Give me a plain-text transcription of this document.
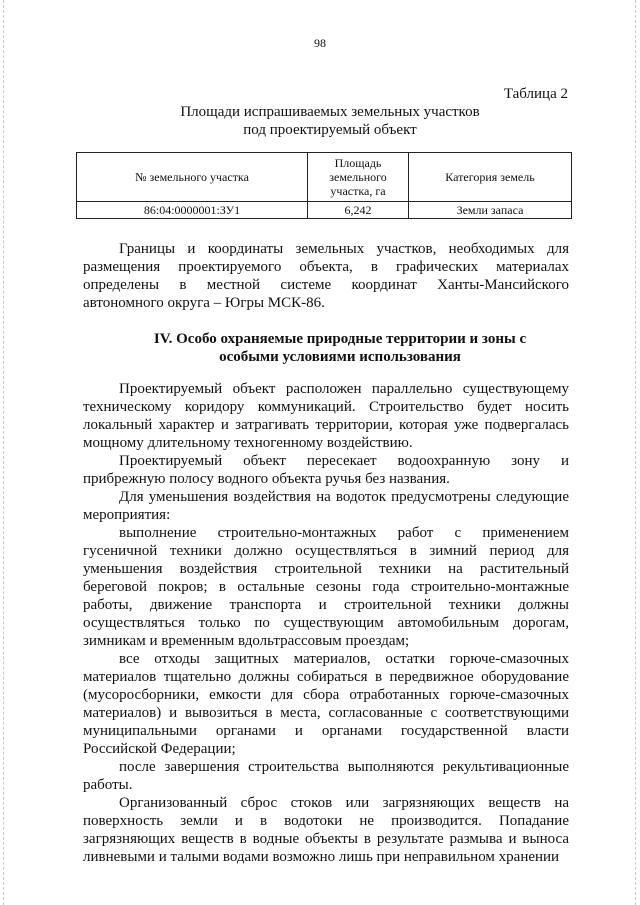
98
Таблица 2
Площади испрашиваемых земельных участков
под проектируемый объект
№ земельного участка	Площадь земельного участка, га	Категория земель
86:04:0000001:ЗУ1	6,242	Земли запаса

Границы и координаты земельных участков, необходимых для размещения проектируемого объекта, в графических материалах определены в местной системе координат Ханты-Мансийского автономного округа – Югры МСК-86.

IV. Особо охраняемые природные территории и зоны с
особыми условиями использования

Проектируемый объект расположен параллельно существующему техническому коридору коммуникаций. Строительство будет носить локальный характер и затрагивать территории, которая уже подвергалась мощному длительному техногенному воздействию.

Проектируемый объект пересекает водоохранную зону и прибрежную полосу водного объекта ручья без названия.

Для уменьшения воздействия на водоток предусмотрены следующие мероприятия:

выполнение строительно-монтажных работ с применением гусеничной техники должно осуществляться в зимний период для уменьшения воздействия строительной техники на растительный береговой покров; в остальные сезоны года строительно-монтажные работы, движение транспорта и строительной техники должны осуществляться только по существующим автомобильным дорогам, зимникам и временным вдольтрассовым проездам;

все отходы защитных материалов, остатки горюче-смазочных материалов тщательно должны собираться в передвижное оборудование (мусоросборники, емкости для сбора отработанных горюче-смазочных материалов) и вывозиться в места, согласованные с соответствующими муниципальными органами и органами государственной власти Российской Федерации;

после завершения строительства выполняются рекультивационные работы.

Организованный сброс стоков или загрязняющих веществ на поверхность земли и в водотоки не производится. Попадание загрязняющих веществ в водные объекты в результате размыва и выноса ливневыми и талыми водами возможно лишь при неправильном хранении
